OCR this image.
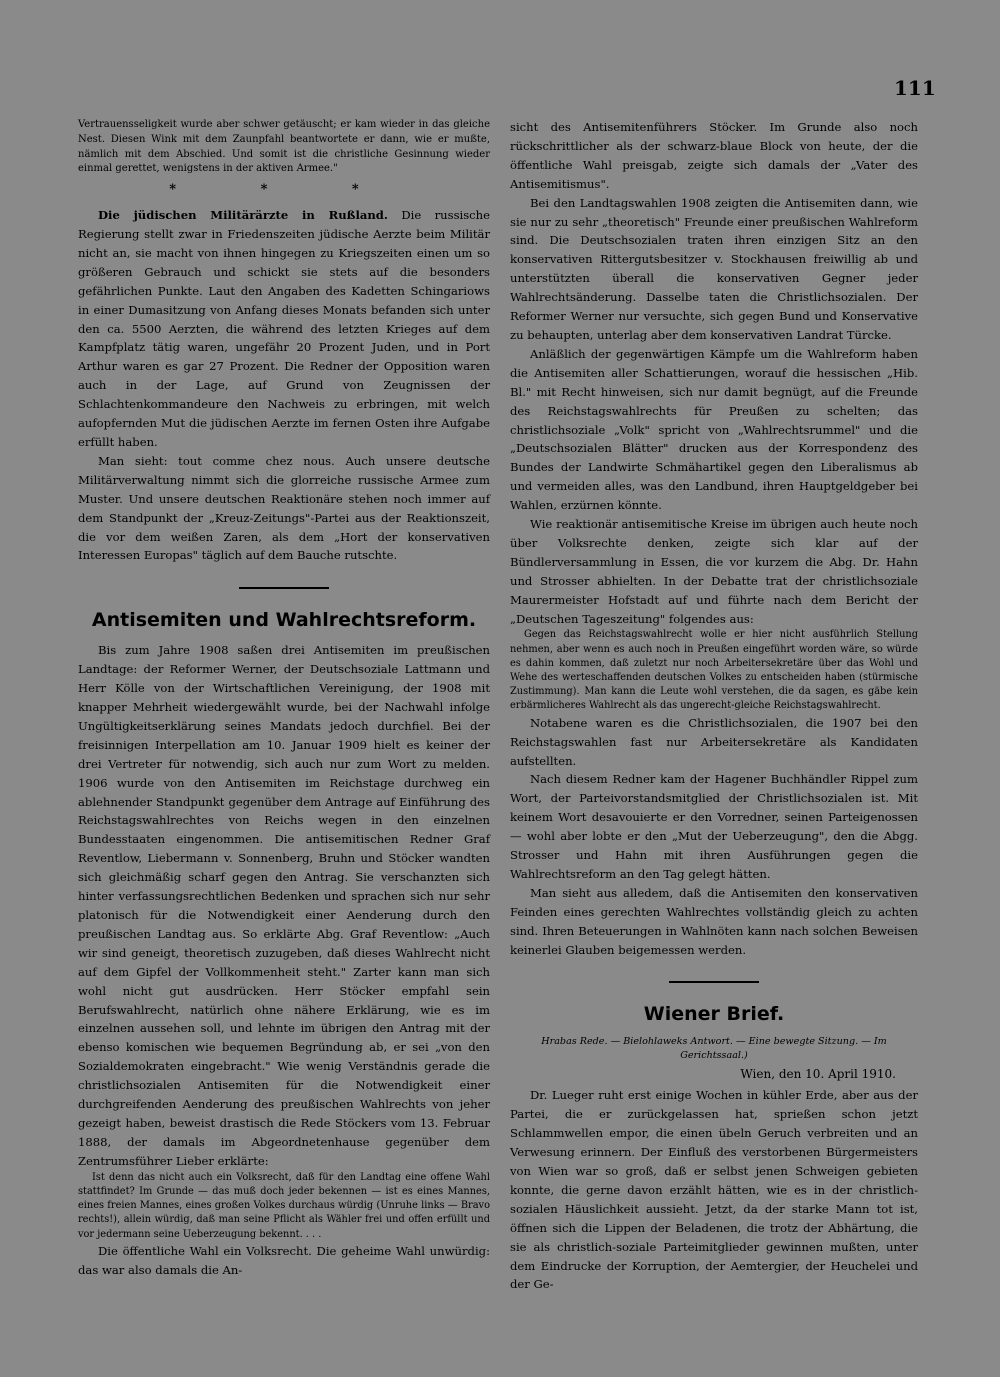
111

Vertrauensseligkeit wurde aber schwer getäuscht; er kam wieder in das gleiche Nest. Diesen Wink mit dem Zaunpfahl beantwortete er dann, wie er mußte, nämlich mit dem Abschied. Und somit ist die christliche Gesinnung wieder einmal gerettet, wenigstens in der aktiven Armee."

* * *

Die jüdischen Militärärzte in Rußland. Die russische Regierung stellt zwar in Friedenszeiten jüdische Aerzte beim Militär nicht an, sie macht von ihnen hingegen zu Kriegszeiten einen um so größeren Gebrauch und schickt sie stets auf die besonders gefährlichen Punkte. Laut den Angaben des Kadetten Schingariows in einer Dumasitzung von Anfang dieses Monats befanden sich unter den ca. 5500 Aerzten, die während des letzten Krieges auf dem Kampfplatz tätig waren, ungefähr 20 Prozent Juden, und in Port Arthur waren es gar 27 Prozent. Die Redner der Opposition waren auch in der Lage, auf Grund von Zeugnissen der Schlachtenkommandeure den Nachweis zu erbringen, mit welch aufopfernden Mut die jüdischen Aerzte im fernen Osten ihre Aufgabe erfüllt haben.

Man sieht: tout comme chez nous. Auch unsere deutsche Militärverwaltung nimmt sich die glorreiche russische Armee zum Muster. Und unsere deutschen Reaktionäre stehen noch immer auf dem Standpunkt der „Kreuz-Zeitungs"-Partei aus der Reaktionszeit, die vor dem weißen Zaren, als dem „Hort der konservativen Interessen Europas" täglich auf dem Bauche rutschte.

Antisemiten und Wahlrechtsreform.

Bis zum Jahre 1908 saßen drei Antisemiten im preußischen Landtage: der Reformer Werner, der Deutschsoziale Lattmann und Herr Kölle von der Wirtschaftlichen Vereinigung, der 1908 mit knapper Mehrheit wiedergewählt wurde, bei der Nachwahl infolge Ungültigkeitserklärung seines Mandats jedoch durchfiel. Bei der freisinnigen Interpellation am 10. Januar 1909 hielt es keiner der drei Vertreter für notwendig, sich auch nur zum Wort zu melden. 1906 wurde von den Antisemiten im Reichstage durchweg ein ablehnender Standpunkt gegenüber dem Antrage auf Einführung des Reichstagswahlrechtes von Reichs wegen in den einzelnen Bundesstaaten eingenommen. Die antisemitischen Redner Graf Reventlow, Liebermann v. Sonnenberg, Bruhn und Stöcker wandten sich gleichmäßig scharf gegen den Antrag. Sie verschanzten sich hinter verfassungsrechtlichen Bedenken und sprachen sich nur sehr platonisch für die Notwendigkeit einer Aenderung durch den preußischen Landtag aus. So erklärte Abg. Graf Reventlow: „Auch wir sind geneigt, theoretisch zuzugeben, daß dieses Wahlrecht nicht auf dem Gipfel der Vollkommenheit steht." Zarter kann man sich wohl nicht gut ausdrücken. Herr Stöcker empfahl sein Berufswahlrecht, natürlich ohne nähere Erklärung, wie es im einzelnen aussehen soll, und lehnte im übrigen den Antrag mit der ebenso komischen wie bequemen Begründung ab, er sei „von den Sozialdemokraten eingebracht." Wie wenig Verständnis gerade die christlichsozialen Antisemiten für die Notwendigkeit einer durchgreifenden Aenderung des preußischen Wahlrechts von jeher gezeigt haben, beweist drastisch die Rede Stöckers vom 13. Februar 1888, der damals im Abgeordnetenhause gegenüber dem Zentrumsführer Lieber erklärte:

Ist denn das nicht auch ein Volksrecht, daß für den Landtag eine offene Wahl stattfindet? Im Grunde — das muß doch jeder bekennen — ist es eines Mannes, eines freien Mannes, eines großen Volkes durchaus würdig (Unruhe links — Bravo rechts!), allein würdig, daß man seine Pflicht als Wähler frei und offen erfüllt und vor jedermann seine Ueberzeugung bekennt. . . .

Die öffentliche Wahl ein Volksrecht. Die geheime Wahl unwürdig: das war also damals die An-

sicht des Antisemitenführers Stöcker. Im Grunde also noch rückschrittlicher als der schwarz-blaue Block von heute, der die öffentliche Wahl preisgab, zeigte sich damals der „Vater des Antisemitismus".

Bei den Landtagswahlen 1908 zeigten die Antisemiten dann, wie sie nur zu sehr „theoretisch" Freunde einer preußischen Wahlreform sind. Die Deutschsozialen traten ihren einzigen Sitz an den konservativen Rittergutsbesitzer v. Stockhausen freiwillig ab und unterstützten überall die konservativen Gegner jeder Wahlrechtsänderung. Dasselbe taten die Christlichsozialen. Der Reformer Werner nur versuchte, sich gegen Bund und Konservative zu behaupten, unterlag aber dem konservativen Landrat Türcke.

Anläßlich der gegenwärtigen Kämpfe um die Wahlreform haben die Antisemiten aller Schattierungen, worauf die hessischen „Hib. Bl." mit Recht hinweisen, sich nur damit begnügt, auf die Freunde des Reichstagswahlrechts für Preußen zu schelten; das christlichsoziale „Volk" spricht von „Wahlrechtsrummel" und die „Deutschsozialen Blätter" drucken aus der Korrespondenz des Bundes der Landwirte Schmähartikel gegen den Liberalismus ab und vermeiden alles, was den Landbund, ihren Hauptgeldgeber bei Wahlen, erzürnen könnte.

Wie reaktionär antisemitische Kreise im übrigen auch heute noch über Volksrechte denken, zeigte sich klar auf der Bündlerversammlung in Essen, die vor kurzem die Abg. Dr. Hahn und Strosser abhielten. In der Debatte trat der christlichsoziale Maurermeister Hofstadt auf und führte nach dem Bericht der „Deutschen Tageszeitung" folgendes aus:

Gegen das Reichstagswahlrecht wolle er hier nicht ausführlich Stellung nehmen, aber wenn es auch noch in Preußen eingeführt worden wäre, so würde es dahin kommen, daß zuletzt nur noch Arbeitersekretäre über das Wohl und Wehe des werteschaffenden deutschen Volkes zu entscheiden haben (stürmische Zustimmung). Man kann die Leute wohl verstehen, die da sagen, es gäbe kein erbärmlicheres Wahlrecht als das ungerecht-gleiche Reichstagswahlrecht.

Notabene waren es die Christlichsozialen, die 1907 bei den Reichstagswahlen fast nur Arbeitersekretäre als Kandidaten aufstellten.

Nach diesem Redner kam der Hagener Buchhändler Rippel zum Wort, der Parteivorstandsmitglied der Christlichsozialen ist. Mit keinem Wort desavouierte er den Vorredner, seinen Parteigenossen — wohl aber lobte er den „Mut der Ueberzeugung", den die Abgg. Strosser und Hahn mit ihren Ausführungen gegen die Wahlrechtsreform an den Tag gelegt hätten.

Man sieht aus alledem, daß die Antisemiten den konservativen Feinden eines gerechten Wahlrechtes vollständig gleich zu achten sind. Ihren Beteuerungen in Wahlnöten kann nach solchen Beweisen keinerlei Glauben beigemessen werden.

Wiener Brief.
Hrabas Rede. — Bielohlaweks Antwort. — Eine bewegte Sitzung. — Im Gerichtssaal.)
Wien, den 10. April 1910.

Dr. Lueger ruht erst einige Wochen in kühler Erde, aber aus der Partei, die er zurückgelassen hat, sprießen schon jetzt Schlammwellen empor, die einen übeln Geruch verbreiten und an Verwesung erinnern. Der Einfluß des verstorbenen Bürgermeisters von Wien war so groß, daß er selbst jenen Schweigen gebieten konnte, die gerne davon erzählt hätten, wie es in der christlich-sozialen Häuslichkeit aussieht. Jetzt, da der starke Mann tot ist, öffnen sich die Lippen der Beladenen, die trotz der Abhärtung, die sie als christlich-soziale Parteimitglieder gewinnen mußten, unter dem Eindrucke der Korruption, der Aemtergier, der Heuchelei und der Ge-
